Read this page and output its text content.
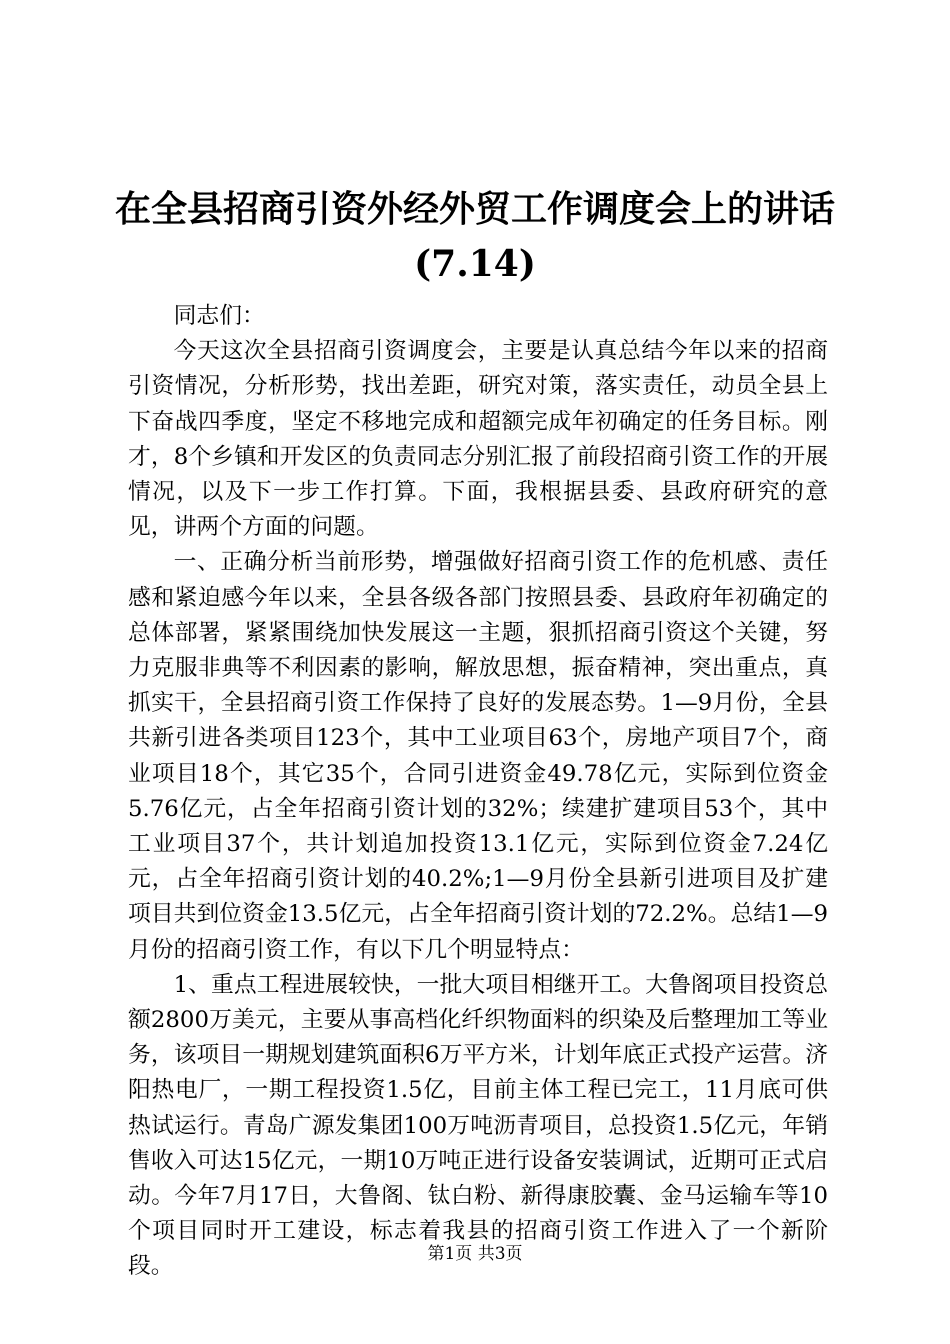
在全县招商引资外经外贸工作调度会上的讲话
(7.14)

同志们：

今天这次全县招商引资调度会，主要是认真总结今年以来的招商引资情况，分析形势，找出差距，研究对策，落实责任，动员全县上下奋战四季度，坚定不移地完成和超额完成年初确定的任务目标。刚才，8个乡镇和开发区的负责同志分别汇报了前段招商引资工作的开展情况，以及下一步工作打算。下面，我根据县委、县政府研究的意见，讲两个方面的问题。

一、正确分析当前形势，增强做好招商引资工作的危机感、责任感和紧迫感今年以来，全县各级各部门按照县委、县政府年初确定的总体部署，紧紧围绕加快发展这一主题，狠抓招商引资这个关键，努力克服非典等不利因素的影响，解放思想，振奋精神，突出重点，真抓实干，全县招商引资工作保持了良好的发展态势。1—9月份，全县共新引进各类项目123个，其中工业项目63个，房地产项目7个，商业项目18个，其它35个，合同引进资金49.78亿元，实际到位资金5.76亿元，占全年招商引资计划的32%；续建扩建项目53个，其中工业项目37个，共计划追加投资13.1亿元，实际到位资金7.24亿元，占全年招商引资计划的40.2%;1—9月份全县新引进项目及扩建项目共到位资金13.5亿元，占全年招商引资计划的72.2%。总结1—9月份的招商引资工作，有以下几个明显特点：

1、重点工程进展较快，一批大项目相继开工。大鲁阁项目投资总额2800万美元，主要从事高档化纤织物面料的织染及后整理加工等业务，该项目一期规划建筑面积6万平方米，计划年底正式投产运营。济阳热电厂，一期工程投资1.5亿，目前主体工程已完工，11月底可供热试运行。青岛广源发集团100万吨沥青项目，总投资1.5亿元，年销售收入可达15亿元，一期10万吨正进行设备安装调试，近期可正式启动。今年7月17日，大鲁阁、钛白粉、新得康胶囊、金马运输车等10个项目同时开工建设，标志着我县的招商引资工作进入了一个新阶段。	第1页 共3页
